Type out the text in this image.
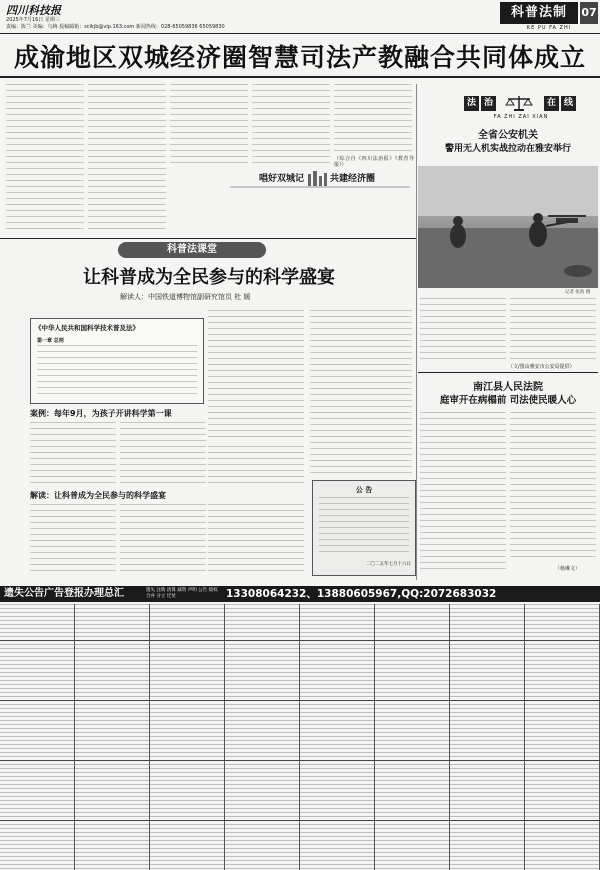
四川科技报
2025年7月16日 星期三
责编：陈兰 美编：乌梅 投稿邮箱：scikjb@vip.163.com 新闻热线：028-65059836 65059830
科普法制	07
KE PU FA ZHI
成渝地区双城经济圈智慧司法产教融合共同体成立
（综合自《四川法治报》《教育导报》）
唱好双城记	共建经济圈
法 治	在 线
FA ZHI ZAI XIAN
全省公安机关
警用无人机实战拉动在雅安举行
记者 张劭 摄
（文/图由雅安市公安局提供）
南江县人民法院
庭审开在病榻前 司法使民暖人心
（杨琳文）
科普法课堂
让科普成为全民参与的科学盛宴
解读人：中国铁道博物馆副研究馆员 杜 媛
《中华人民共和国科学技术普及法》
第一章 总则
案例：每年9月，为孩子开讲科学第一课
解读：让科普成为全民参与的科学盛宴
公 告
二〇二五年七月十六日
遗失公告广告登报办理总汇	遗失 注销 清算 减资 声明 公告 债权 合并 分立 迁址	13308064232、13880605967,QQ:2072683032
